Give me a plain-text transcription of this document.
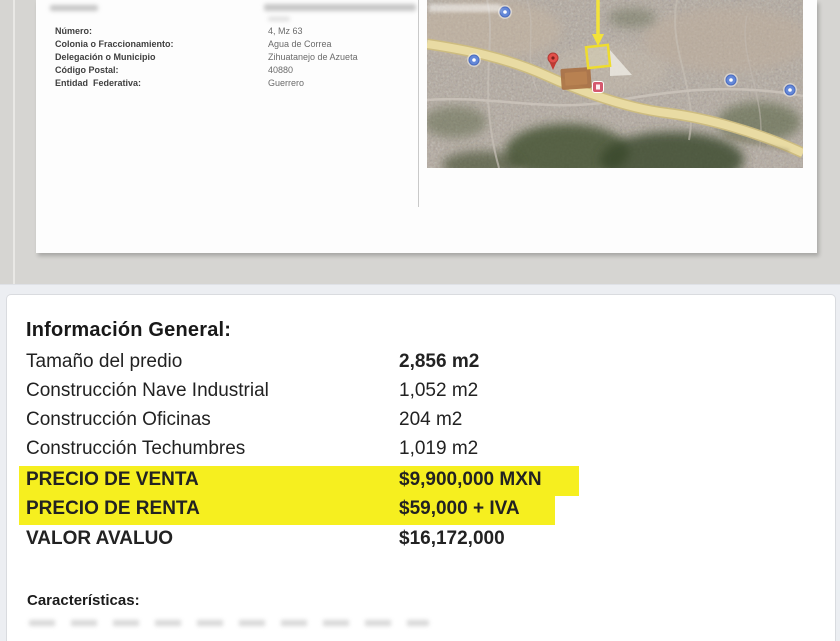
Número:	4, Mz 63
Colonia o Fraccionamiento:	Agua de Correa
Delegación o Municipio	Zihuatanejo de Azueta
Código Postal:	40880
Entidad  Federativa:	Guerrero
Información General:
Tamaño del predio	2,856 m2
Construcción Nave Industrial	1,052 m2
Construcción Oficinas	204 m2
Construcción Techumbres	1,019 m2
PRECIO DE VENTA	$9,900,000 MXN
PRECIO DE RENTA	$59,000 + IVA
VALOR AVALUO	$16,172,000
Características:
